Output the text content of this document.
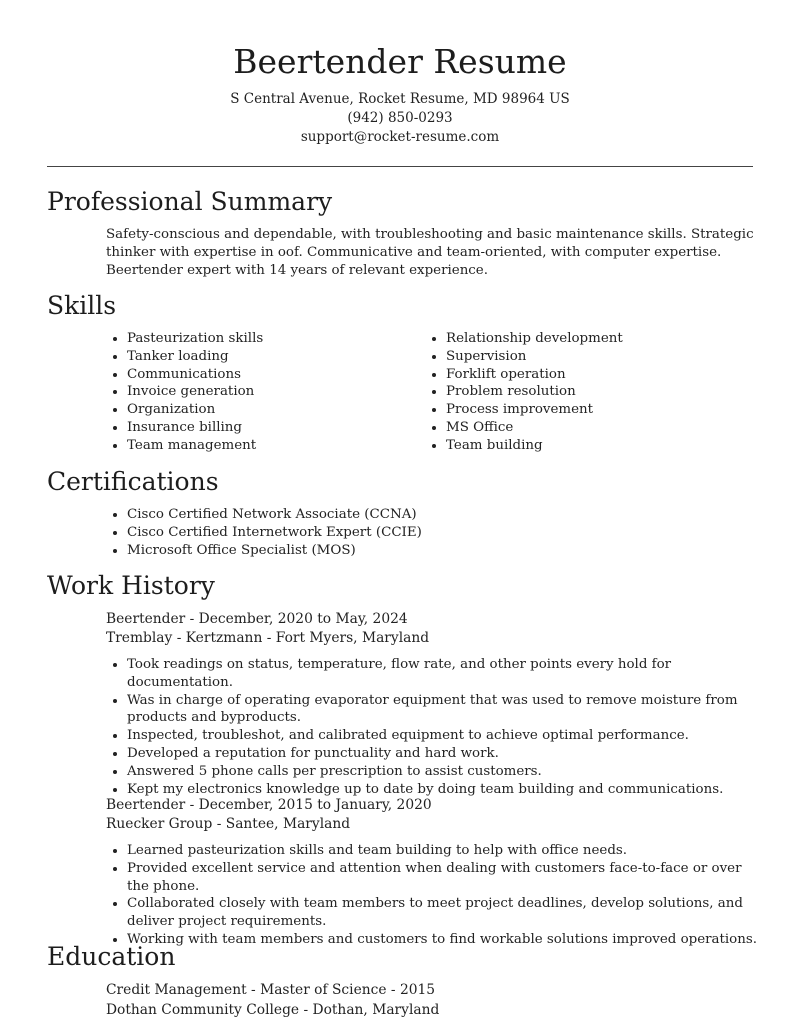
Beertender Resume
S Central Avenue, Rocket Resume, MD 98964 US
(942) 850-0293
support@rocket-resume.com
Professional Summary

Safety-conscious and dependable, with troubleshooting and basic maintenance skills. Strategic thinker with expertise in oof. Communicative and team-oriented, with computer expertise. Beertender expert with 14 years of relevant experience.

Skills
• Pasteurization skills
• Tanker loading
• Communications
• Invoice generation
• Organization
• Insurance billing
• Team management
• Relationship development
• Supervision
• Forklift operation
• Problem resolution
• Process improvement
• MS Office
• Team building
Certifications
• Cisco Certified Network Associate (CCNA)
• Cisco Certified Internetwork Expert (CCIE)
• Microsoft Office Specialist (MOS)
Work History
Beertender - December, 2020 to May, 2024
Tremblay - Kertzmann - Fort Myers, Maryland
• Took readings on status, temperature, flow rate, and other points every hold for documentation.
• Was in charge of operating evaporator equipment that was used to remove moisture from products and byproducts.
• Inspected, troubleshot, and calibrated equipment to achieve optimal performance.
• Developed a reputation for punctuality and hard work.
• Answered 5 phone calls per prescription to assist customers.
• Kept my electronics knowledge up to date by doing team building and communications.
Beertender - December, 2015 to January, 2020
Ruecker Group - Santee, Maryland
• Learned pasteurization skills and team building to help with office needs.
• Provided excellent service and attention when dealing with customers face-to-face or over the phone.
• Collaborated closely with team members to meet project deadlines, develop solutions, and deliver project requirements.
• Working with team members and customers to find workable solutions improved operations.
Education
Credit Management - Master of Science - 2015
Dothan Community College - Dothan, Maryland
